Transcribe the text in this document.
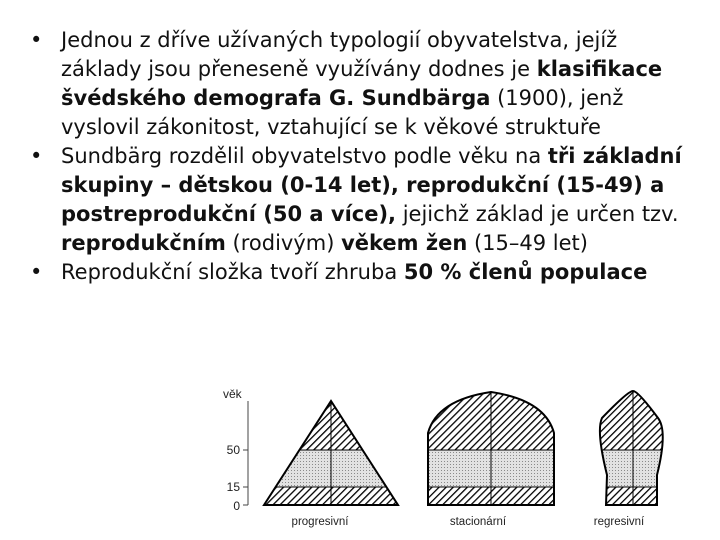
• Jednou z dříve užívaných typologií obyvatelstva, jejíž základy jsou přeneseně využívány dodnes je klasifikace švédského demografa G. Sundbärga (1900), jenž vyslovil zákonitost, vztahující se k věkové struktuře
• Sundbärg rozdělil obyvatelstvo podle věku na tři základní skupiny – dětskou (0-14 let), reprodukční (15-49) a postreprodukční (50 a více), jejichž základ je určen tzv. reprodukčním (rodivým) věkem žen (15–49 let)
• Reprodukční složka tvoří zhruba 50 % členů populace
věk
50
15
0
progresivní	stacionární	regresivní
